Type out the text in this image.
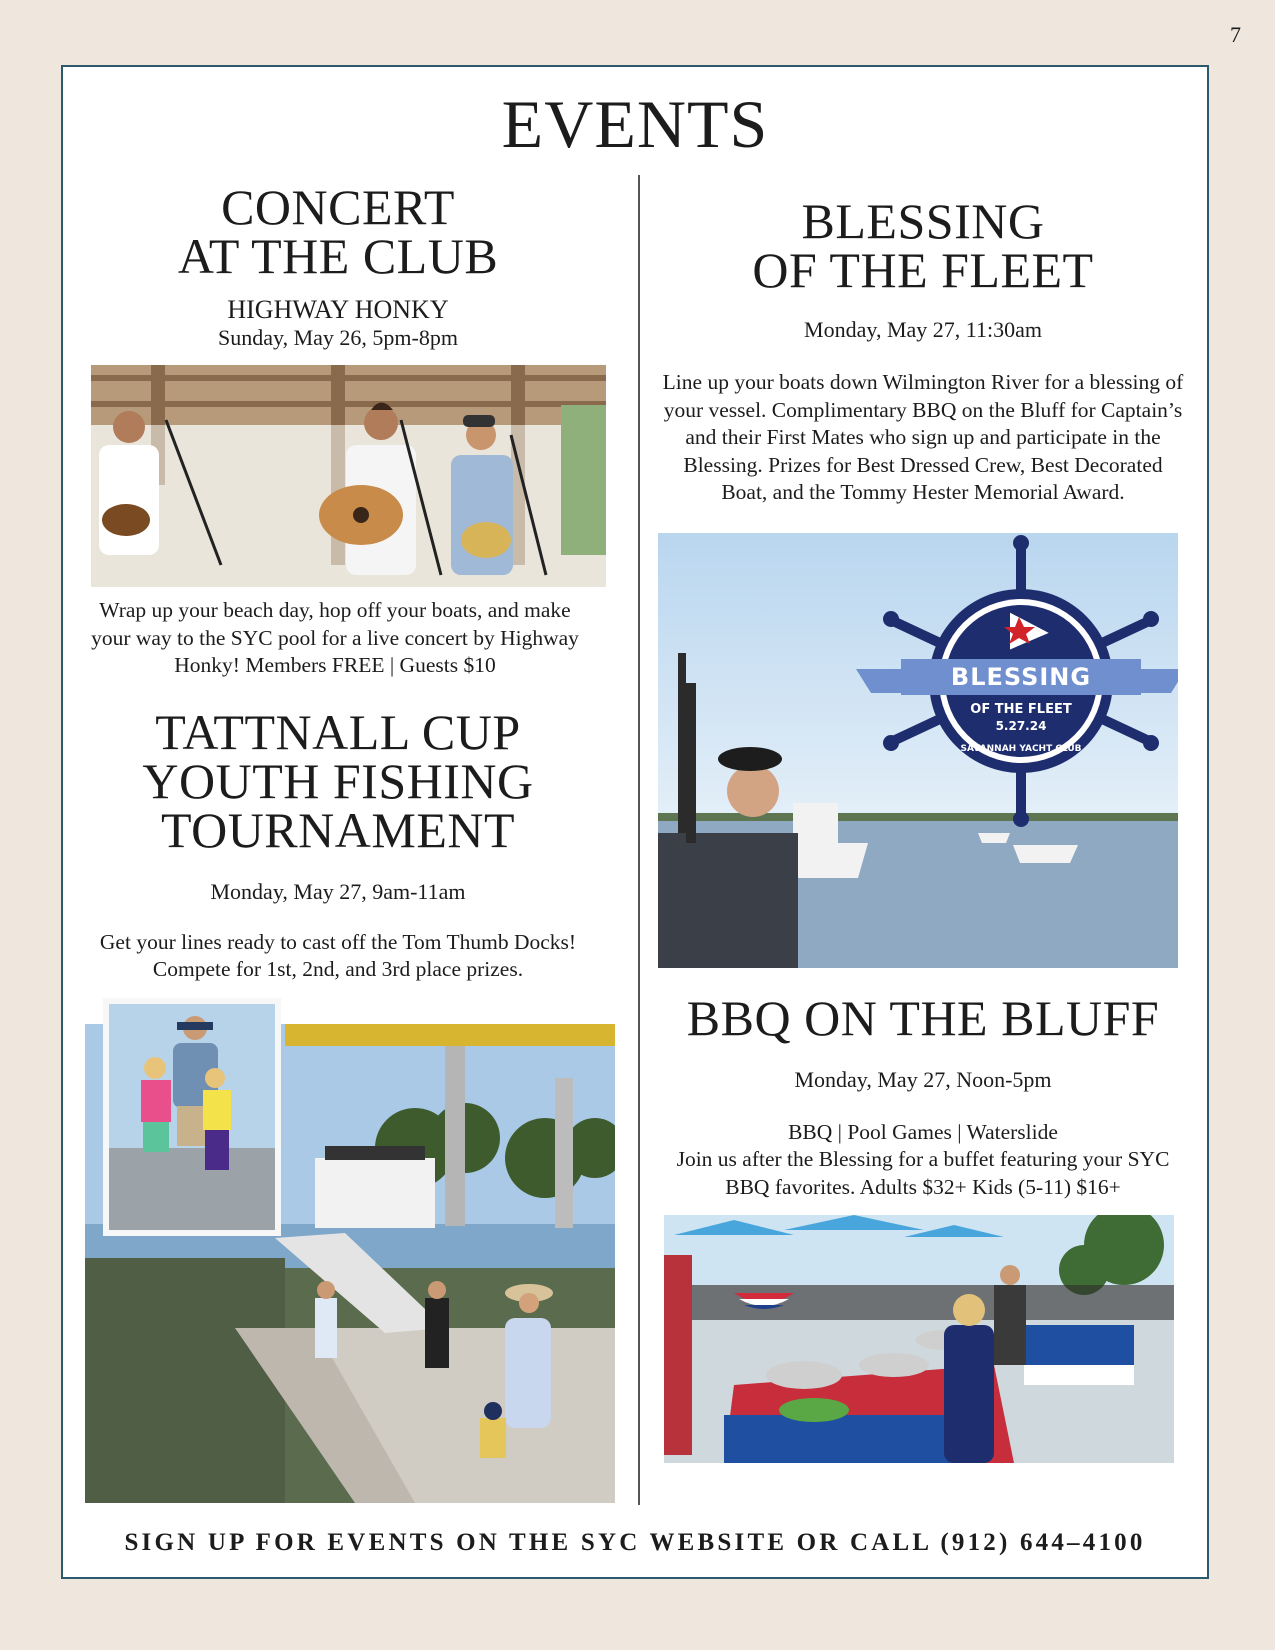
7
EVENTS
CONCERT
AT THE CLUB

HIGHWAY HONKY

Sunday, May 26, 5pm-8pm

Wrap up your beach day, hop off your boats, and make your way to the SYC pool for a live concert by Highway Honky! Members FREE | Guests $10

TATTNALL CUP
YOUTH FISHING
TOURNAMENT

Monday, May 27, 9am-11am

Get your lines ready to cast off the Tom Thumb Docks! Compete for 1st, 2nd, and 3rd place prizes.

BLESSING
OF THE FLEET

Monday, May 27, 11:30am

Line up your boats down Wilmington River for a blessing of your vessel. Complimentary BBQ on the Bluff for Captain’s and their First Mates who sign up and participate in the Blessing. Prizes for Best Dressed Crew, Best Decorated Boat, and the Tommy Hester Memorial Award.

BLESSING
OF THE FLEET
5.27.24
SAVANNAH YACHT CLUB
BBQ ON THE BLUFF

Monday, May 27, Noon-5pm

BBQ | Pool Games | Waterslide

Join us after the Blessing for a buffet featuring your SYC BBQ favorites. Adults $32+ Kids (5-11) $16+

SIGN UP FOR EVENTS ON THE SYC WEBSITE OR CALL (912) 644–4100
